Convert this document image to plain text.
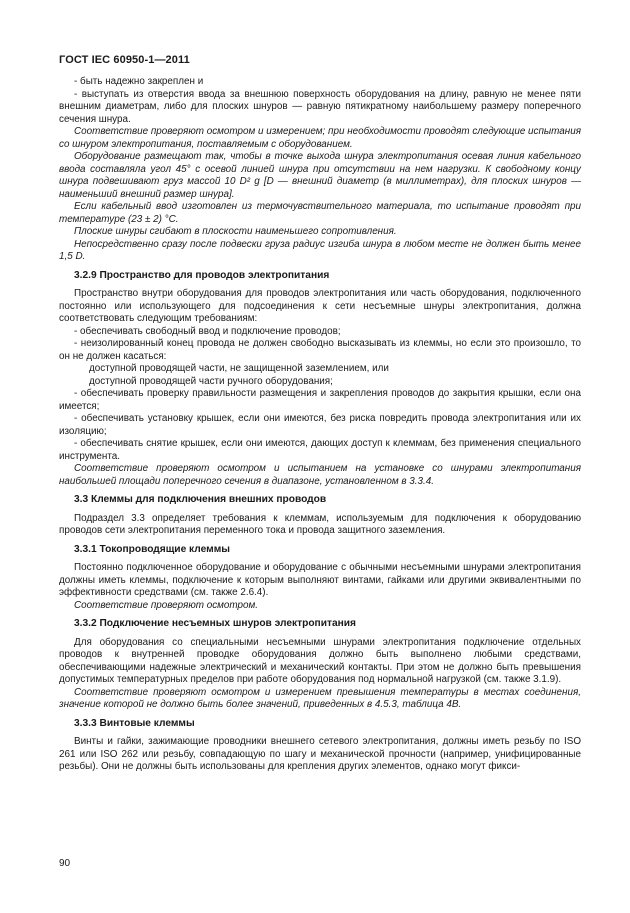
ГОСТ IEC 60950-1—2011

- быть надежно закреплен и

- выступать из отверстия ввода за внешнюю поверхность оборудования на длину, равную не менее пяти внешним диаметрам, либо для плоских шнуров — равную пятикратному наибольшему размеру поперечного сечения шнура.

Соответствие проверяют осмотром и измерением; при необходимости проводят следующие испытания со шнуром электропитания, поставляемым с оборудованием.

Оборудование размещают так, чтобы в точке выхода шнура электропитания осевая линия кабельного ввода составляла угол 45° с осевой линией шнура при отсутствии на нем нагрузки. К свободному концу шнура подвешивают груз массой 10 D² g [D — внешний диаметр (в миллиметрах), для плоских шнуров — наименьший внешний размер шнура].

Если кабельный ввод изготовлен из термочувствительного материала, то испытание проводят при температуре (23 ± 2) °С.

Плоские шнуры сгибают в плоскости наименьшего сопротивления.

Непосредственно сразу после подвески груза радиус изгиба шнура в любом месте не должен быть менее 1,5 D.

3.2.9 Пространство для проводов электропитания

Пространство внутри оборудования для проводов электропитания или часть оборудования, подключенного постоянно или использующего для подсоединения к сети несъемные шнуры электропитания, должна соответствовать следующим требованиям:

- обеспечивать свободный ввод и подключение проводов;

- неизолированный конец провода не должен свободно высказывать из клеммы, но если это произошло, то он не должен касаться:

доступной проводящей части, не защищенной заземлением, или

доступной проводящей части ручного оборудования;

- обеспечивать проверку правильности размещения и закрепления проводов до закрытия крышки, если она имеется;

- обеспечивать установку крышек, если они имеются, без риска повредить провода электропитания или их изоляцию;

- обеспечивать снятие крышек, если они имеются, дающих доступ к клеммам, без применения специального инструмента.

Соответствие проверяют осмотром и испытанием на установке со шнурами электропитания наибольшей площади поперечного сечения в диапазоне, установленном в 3.3.4.

3.3 Клеммы для подключения внешних проводов

Подраздел 3.3 определяет требования к клеммам, используемым для подключения к оборудованию проводов сети электропитания переменного тока и провода защитного заземления.

3.3.1 Токопроводящие клеммы

Постоянно подключенное оборудование и оборудование с обычными несъемными шнурами электропитания должны иметь клеммы, подключение к которым выполняют винтами, гайками или другими эквивалентными по эффективности средствами (см. также 2.6.4).

Соответствие проверяют осмотром.

3.3.2 Подключение несъемных шнуров электропитания

Для оборудования со специальными несъемными шнурами электропитания подключение отдельных проводов к внутренней проводке оборудования должно быть выполнено любыми средствами, обеспечивающими надежные электрический и механический контакты. При этом не должно быть превышения допустимых температурных пределов при работе оборудования под нормальной нагрузкой (см. также 3.1.9).

Соответствие проверяют осмотром и измерением превышения температуры в местах соединения, значение которой не должно быть более значений, приведенных в 4.5.3, таблица 4В.

3.3.3 Винтовые клеммы

Винты и гайки, зажимающие проводники внешнего сетевого электропитания, должны иметь резьбу по ISO 261 или ISO 262 или резьбу, совпадающую по шагу и механической прочности (например, унифицированные резьбы). Они не должны быть использованы для крепления других элементов, однако могут фикси-

90
